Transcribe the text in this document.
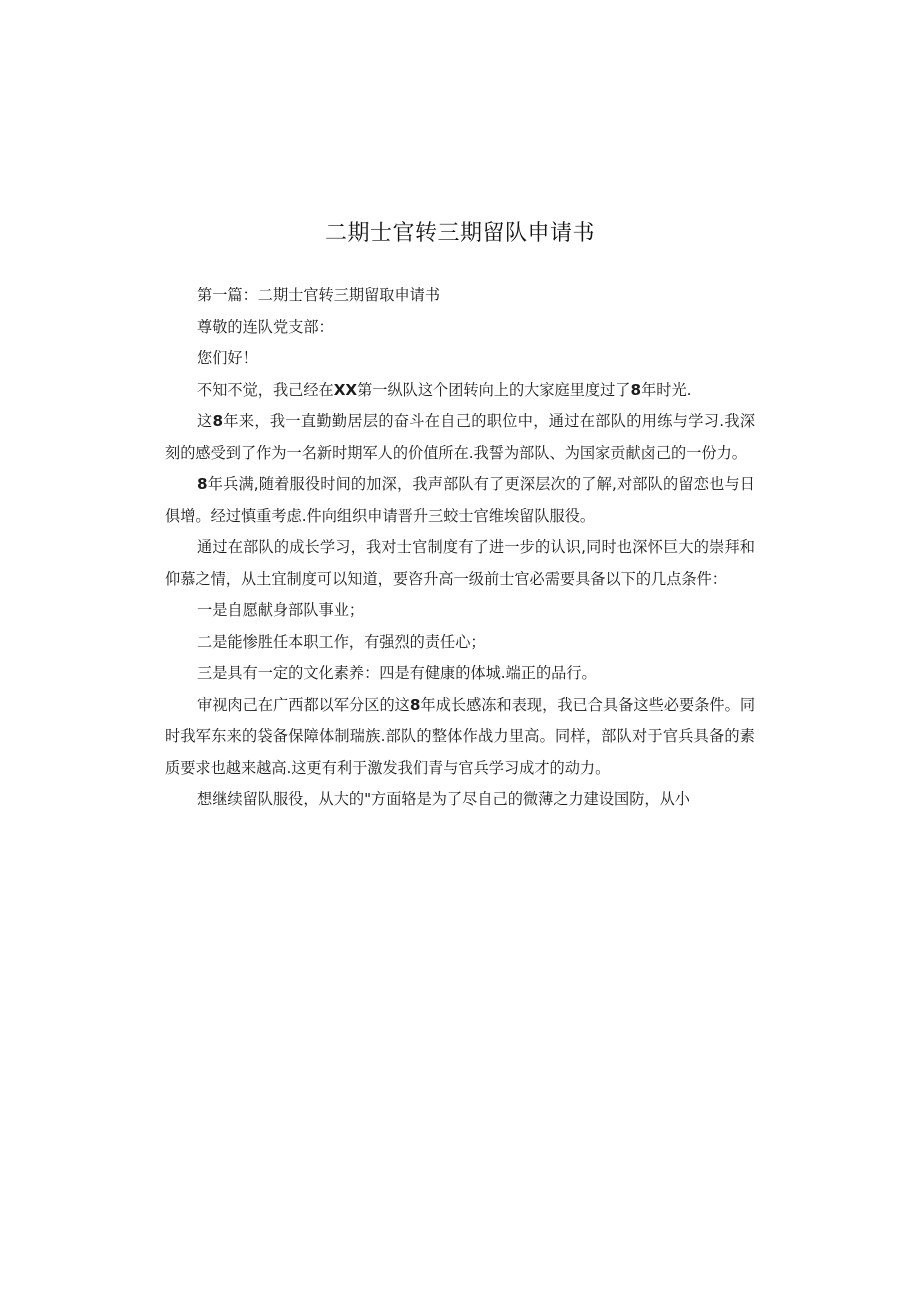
二期士官转三期留队申请书

第一篇：二期士官转三期留取申请书

尊敬的连队党支部：

您们好！

不知不觉，我己经在XX第一纵队这个团转向上的大家庭里度过了8年时光.

这8年来，我一直勤勤居层的奋斗在自己的职位中，通过在部队的用练与学习.我深刻的感受到了作为一名新时期军人的价值所在.我誓为部队、为国家贡献卤己的一份力。

8年兵满,随着服役时间的加深，我声部队有了更深层次的了解,对部队的留恋也与日俱增。经过慎重考虑.件向组织申请晋升三蛟士官维埃留队服役。

通过在部队的成长学习，我对士官制度有了进一步的认识,同时也深怀巨大的崇拜和仰慕之情，从土宜制度可以知道，要咨升高一级前士官必需要具备以下的几点条件：

一是自愿献身部队事业；

二是能惨胜任本职工作，有强烈的责任心；

三是具有一定的文化素养：四是有健康的体城.端正的品行。

审视肉己在广西都以军分区的这8年成长感冻和表现，我已合具备这些必要条件。同时我军东来的袋备保障体制瑞族.部队的整体作战力里高。同样，部队对于官兵具备的素质要求也越来越高.这更有利于激发我们青与官兵学习成才的动力。

想继续留队服役，从大的"方面辂是为了尽自己的微薄之力建设国防，从小
